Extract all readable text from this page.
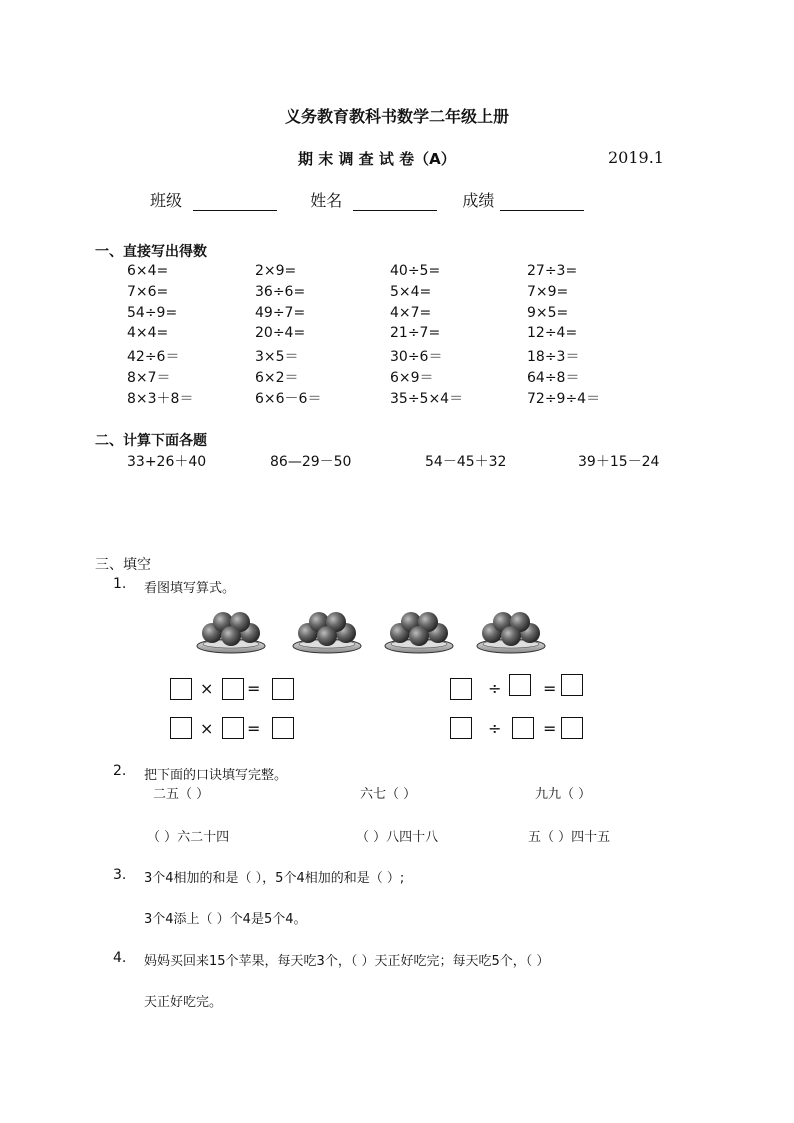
义务教育教科书数学二年级上册
期 末 调 查 试 卷（A）	2019.1
班级	姓名	成绩
一、直接写出得数
6×4=	2×9=	40÷5=	27÷3=
7×6=	36÷6=	5×4=	7×9=
54÷9=	49÷7=	4×7=	9×5=
4×4=	20÷4=	21÷7=	12÷4=
42÷6＝	3×5＝	30÷6＝	18÷3＝
8×7＝	6×2＝	6×9＝	64÷8＝
8×3＋8＝	6×6－6＝	35÷5×4＝	72÷9÷4＝
二、计算下面各题
33+26＋40	86—29－50	54－45＋32	39＋15－24
三、填空
1. 看图填写算式。
× =	÷	=
× =	÷	=
2. 把下面的口诀填写完整。
二五（ ）	六七（ ）	九九（ ）
（ ）六二十四	（ ）八四十八	五（ ）四十五
3. 3个4相加的和是（ ），5个4相加的和是（ ）;
3个4添上（ ）个4是5个4。
4. 妈妈买回来15个苹果，每天吃3个，（ ）天正好吃完；每天吃5个，（ ）
天正好吃完。
